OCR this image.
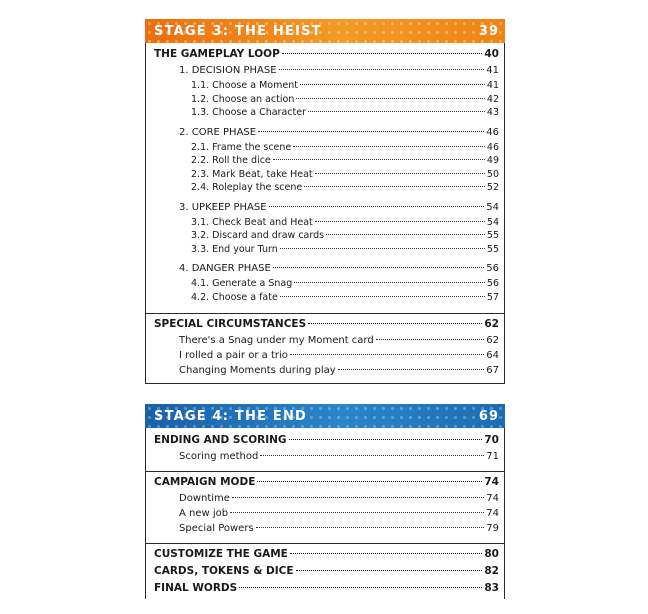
STAGE 3: THE HEIST	39
THE GAMEPLAY LOOP	40
1. DECISION PHASE	41
1.1. Choose a Moment	41
1.2. Choose an action	42
1.3. Choose a Character	43
2. CORE PHASE	46
2.1. Frame the scene	46
2.2. Roll the dice	49
2.3. Mark Beat, take Heat	50
2.4. Roleplay the scene	52
3. UPKEEP PHASE	54
3.1. Check Beat and Heat	54
3.2. Discard and draw cards	55
3.3. End your Turn	55
4. DANGER PHASE	56
4.1. Generate a Snag	56
4.2. Choose a fate	57
SPECIAL CIRCUMSTANCES	62
There's a Snag under my Moment card	62
I rolled a pair or a trio	64
Changing Moments during play	67
STAGE 4: THE END	69
ENDING AND SCORING	70
Scoring method	71
CAMPAIGN MODE	74
Downtime	74
A new job	74
Special Powers	79
CUSTOMIZE THE GAME	80
CARDS, TOKENS & DICE	82
FINAL WORDS	83
